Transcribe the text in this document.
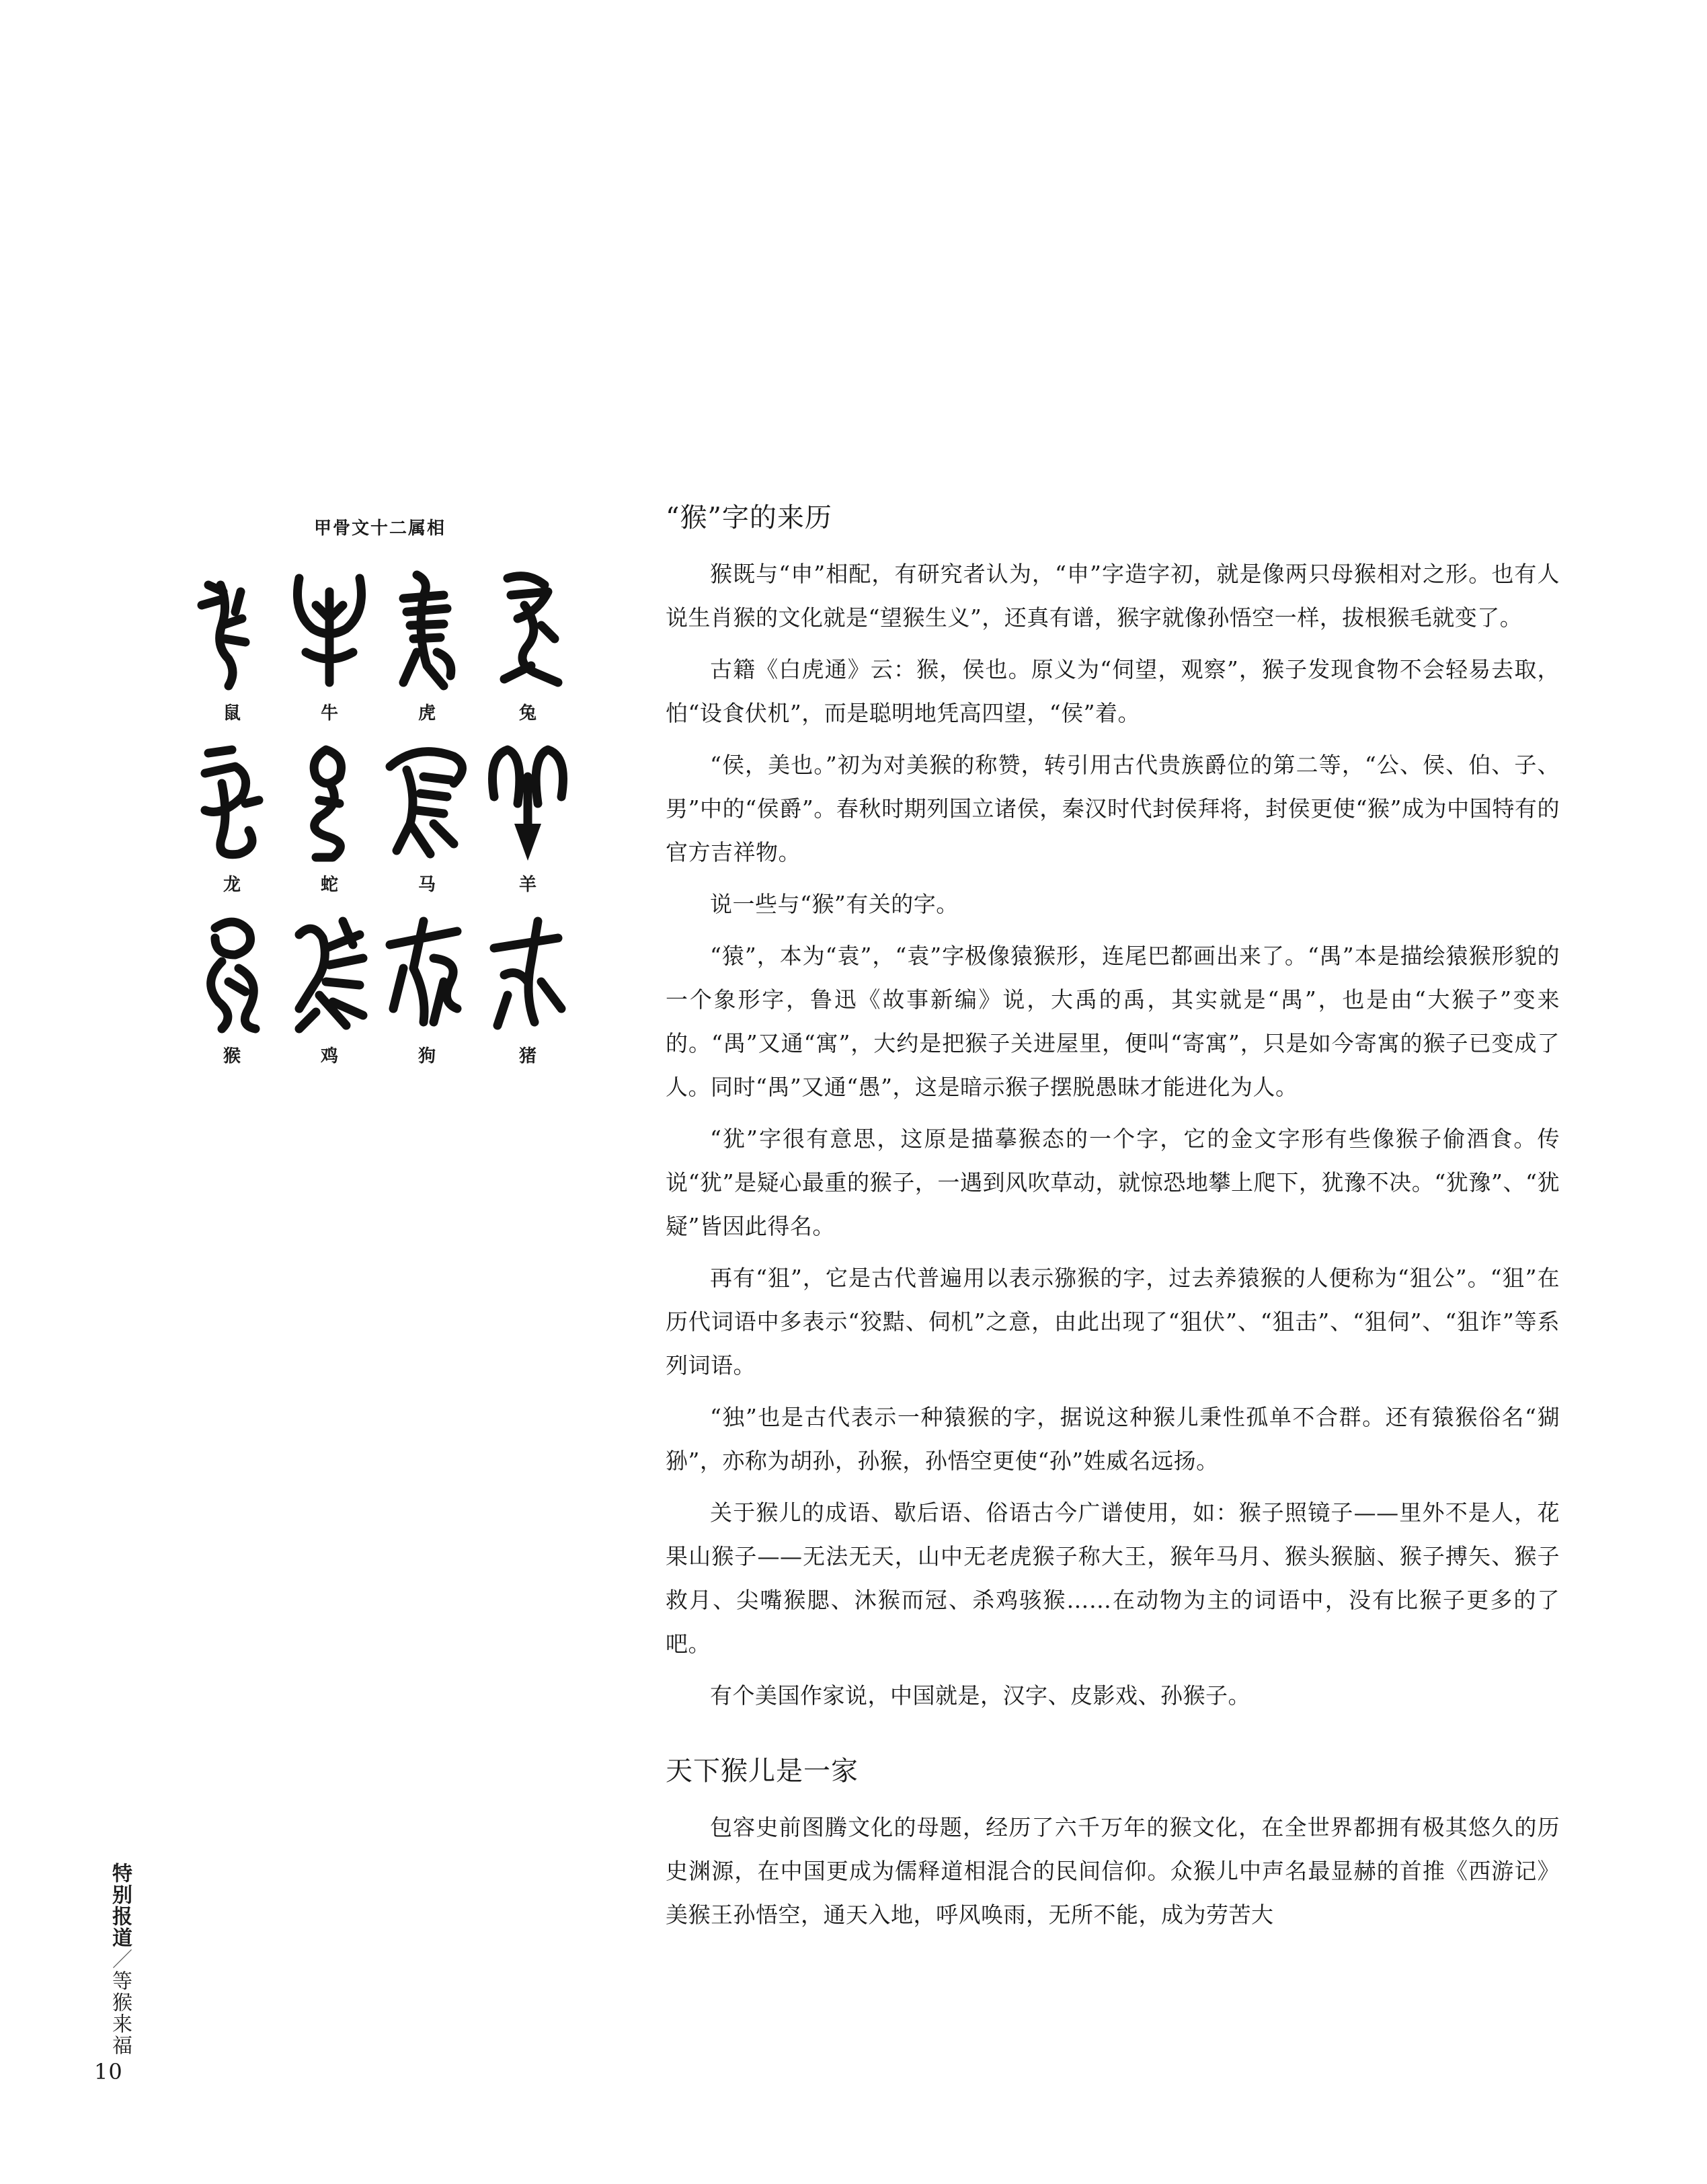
甲骨文十二属相
鼠	牛	虎	兔
龙	蛇	马	羊
猴	鸡	狗	猪
“猴”字的来历

猴既与“申”相配，有研究者认为，“申”字造字初，就是像两只母猴相对之形。也有人说生肖猴的文化就是“望猴生义”，还真有谱，猴字就像孙悟空一样，拔根猴毛就变了。

古籍《白虎通》云：猴，侯也。原义为“伺望，观察”，猴子发现食物不会轻易去取，怕“设食伏机”，而是聪明地凭高四望，“侯”着。

“侯，美也。”初为对美猴的称赞，转引用古代贵族爵位的第二等，“公、侯、伯、子、男”中的“侯爵”。春秋时期列国立诸侯，秦汉时代封侯拜将，封侯更使“猴”成为中国特有的官方吉祥物。

说一些与“猴”有关的字。

“猿”，本为“袁”，“袁”字极像猿猴形，连尾巴都画出来了。“禺”本是描绘猿猴形貌的一个象形字，鲁迅《故事新编》说，大禹的禹，其实就是“禺”，也是由“大猴子”变来的。“禺”又通“寓”，大约是把猴子关进屋里，便叫“寄寓”，只是如今寄寓的猴子已变成了人。同时“禺”又通“愚”，这是暗示猴子摆脱愚昧才能进化为人。

“犹”字很有意思，这原是描摹猴态的一个字，它的金文字形有些像猴子偷酒食。传说“犹”是疑心最重的猴子，一遇到风吹草动，就惊恐地攀上爬下，犹豫不决。“犹豫”、“犹疑”皆因此得名。

再有“狙”，它是古代普遍用以表示猕猴的字，过去养猿猴的人便称为“狙公”。“狙”在历代词语中多表示“狡黠、伺机”之意，由此出现了“狙伏”、“狙击”、“狙伺”、“狙诈”等系列词语。

“独”也是古代表示一种猿猴的字，据说这种猴儿秉性孤单不合群。还有猿猴俗名“猢狲”，亦称为胡孙，孙猴，孙悟空更使“孙”姓威名远扬。

关于猴儿的成语、歇后语、俗语古今广谱使用，如：猴子照镜子——里外不是人，花果山猴子——无法无天，山中无老虎猴子称大王，猴年马月、猴头猴脑、猴子搏矢、猴子救月、尖嘴猴腮、沐猴而冠、杀鸡骇猴……在动物为主的词语中，没有比猴子更多的了吧。

有个美国作家说，中国就是，汉字、皮影戏、孙猴子。

天下猴儿是一家

包容史前图腾文化的母题，经历了六千万年的猴文化，在全世界都拥有极其悠久的历史渊源，在中国更成为儒释道相混合的民间信仰。众猴儿中声名最显赫的首推《西游记》美猴王孙悟空，通天入地，呼风唤雨，无所不能，成为劳苦大

特别报道／等猴来福
10
